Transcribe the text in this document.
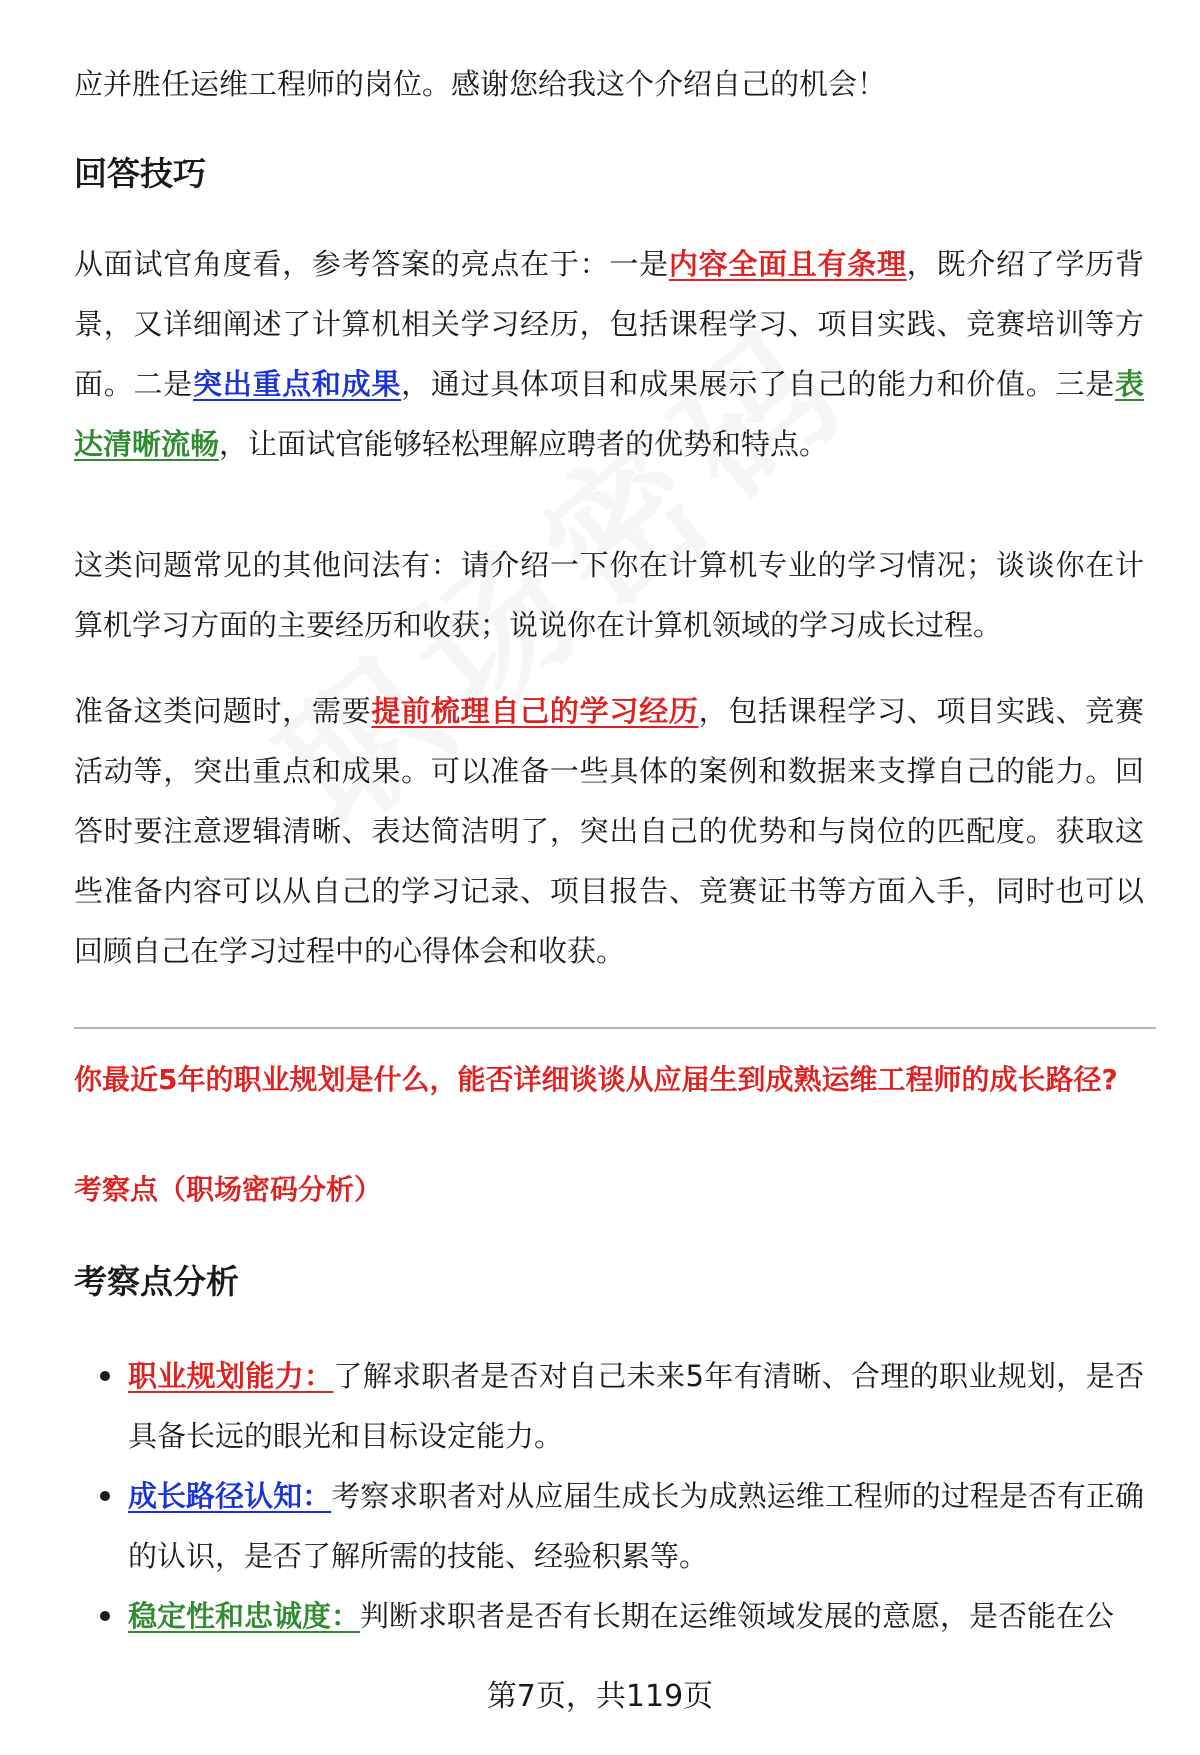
应并胜任运维工程师的岗位。感谢您给我这个介绍自己的机会！

回答技巧

从面试官角度看，参考答案的亮点在于：一是内容全面且有条理，既介绍了学历背景，又详细阐述了计算机相关学习经历，包括课程学习、项目实践、竞赛培训等方面。二是突出重点和成果，通过具体项目和成果展示了自己的能力和价值。三是表达清晰流畅，让面试官能够轻松理解应聘者的优势和特点。

这类问题常见的其他问法有：请介绍一下你在计算机专业的学习情况；谈谈你在计算机学习方面的主要经历和收获；说说你在计算机领域的学习成长过程。

准备这类问题时，需要提前梳理自己的学习经历，包括课程学习、项目实践、竞赛活动等，突出重点和成果。可以准备一些具体的案例和数据来支撑自己的能力。回答时要注意逻辑清晰、表达简洁明了，突出自己的优势和与岗位的匹配度。获取这些准备内容可以从自己的学习记录、项目报告、竞赛证书等方面入手，同时也可以回顾自己在学习过程中的心得体会和收获。

你最近5年的职业规划是什么，能否详细谈谈从应届生到成熟运维工程师的成长路径?

考察点（职场密码分析）

考察点分析
职业规划能力：了解求职者是否对自己未来5年有清晰、合理的职业规划，是否具备长远的眼光和目标设定能力。
成长路径认知：考察求职者对从应届生成长为成熟运维工程师的过程是否有正确的认识，是否了解所需的技能、经验积累等。
稳定性和忠诚度：判断求职者是否有长期在运维领域发展的意愿，是否能在公
第7页，共119页
